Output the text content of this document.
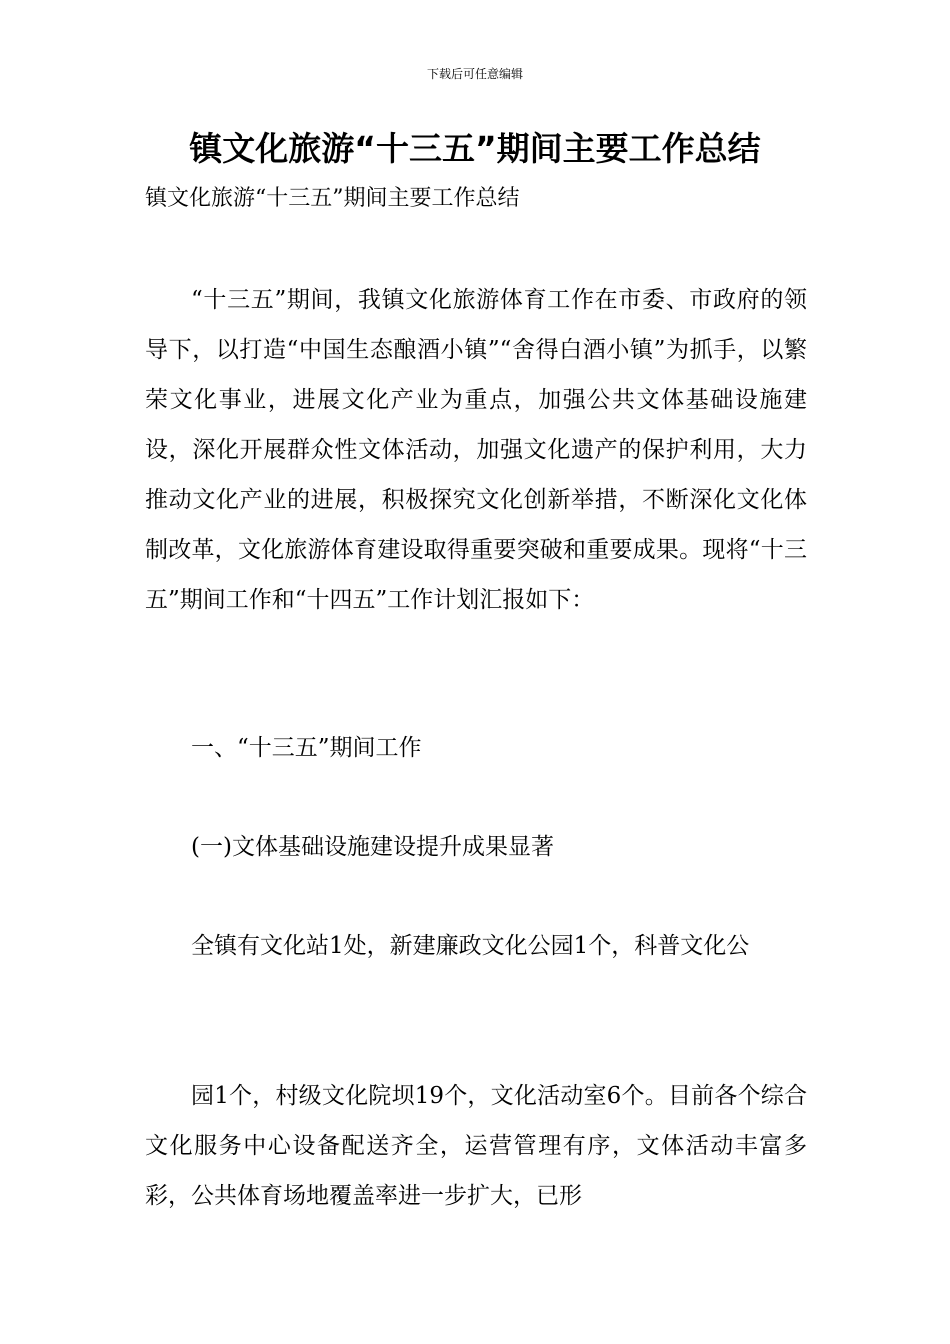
下载后可任意编辑
镇文化旅游“十三五”期间主要工作总结
镇文化旅游“十三五”期间主要工作总结

“十三五”期间，我镇文化旅游体育工作在市委、市政府的领导下，以打造“中国生态酿酒小镇”“舍得白酒小镇”为抓手，以繁荣文化事业，进展文化产业为重点，加强公共文体基础设施建设，深化开展群众性文体活动，加强文化遗产的保护利用，大力推动文化产业的进展，积极探究文化创新举措，不断深化文化体制改革，文化旅游体育建设取得重要突破和重要成果。现将“十三五”期间工作和“十四五”工作计划汇报如下：

一、“十三五”期间工作

(一)文体基础设施建设提升成果显著

全镇有文化站1处，新建廉政文化公园1个，科普文化公

园1个，村级文化院坝19个，文化活动室6个。目前各个综合文化服务中心设备配送齐全，运营管理有序，文体活动丰富多彩，公共体育场地覆盖率进一步扩大，已形
